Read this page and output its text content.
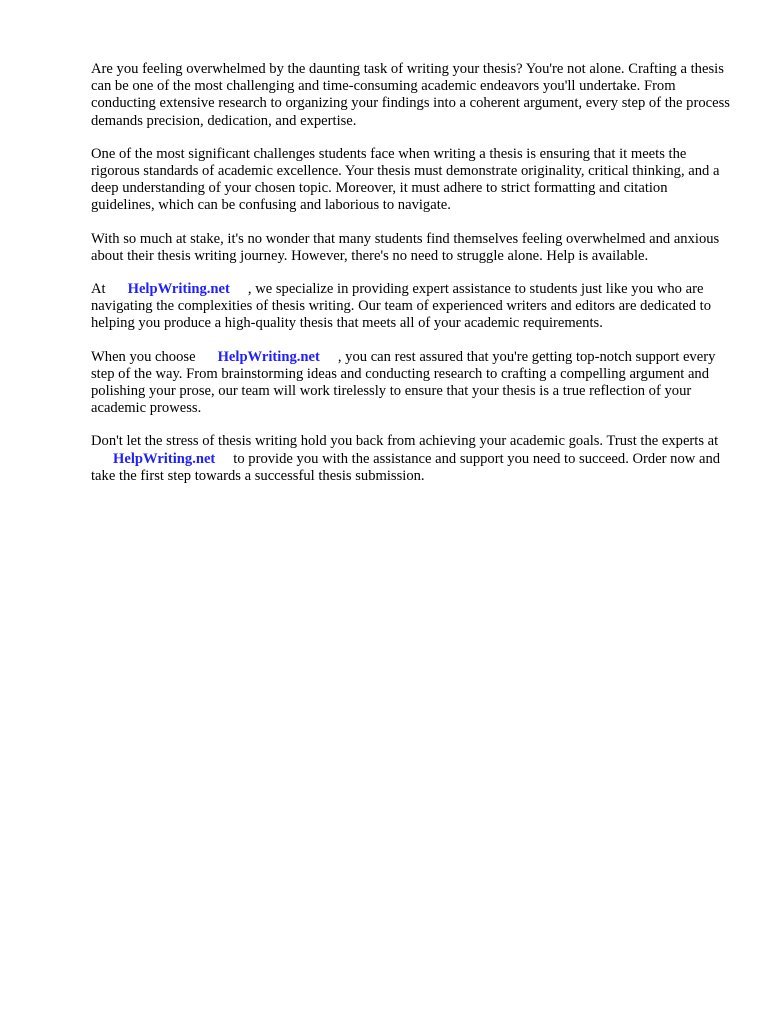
Are you feeling overwhelmed by the daunting task of writing your thesis? You're not alone. Crafting a thesis can be one of the most challenging and time-consuming academic endeavors you'll undertake. From conducting extensive research to organizing your findings into a coherent argument, every step of the process demands precision, dedication, and expertise.

One of the most significant challenges students face when writing a thesis is ensuring that it meets the rigorous standards of academic excellence. Your thesis must demonstrate originality, critical thinking, and a deep understanding of your chosen topic. Moreover, it must adhere to strict formatting and citation guidelines, which can be confusing and laborious to navigate.

With so much at stake, it's no wonder that many students find themselves feeling overwhelmed and anxious about their thesis writing journey. However, there's no need to struggle alone. Help is available.

At HelpWriting.net , we specialize in providing expert assistance to students just like you who are navigating the complexities of thesis writing. Our team of experienced writers and editors are dedicated to helping you produce a high-quality thesis that meets all of your academic requirements.

When you choose HelpWriting.net , you can rest assured that you're getting top-notch support every step of the way. From brainstorming ideas and conducting research to crafting a compelling argument and polishing your prose, our team will work tirelessly to ensure that your thesis is a true reflection of your academic prowess.

Don't let the stress of thesis writing hold you back from achieving your academic goals. Trust the experts atHelpWriting.net to provide you with the assistance and support you need to succeed. Order now and take the first step towards a successful thesis submission.
